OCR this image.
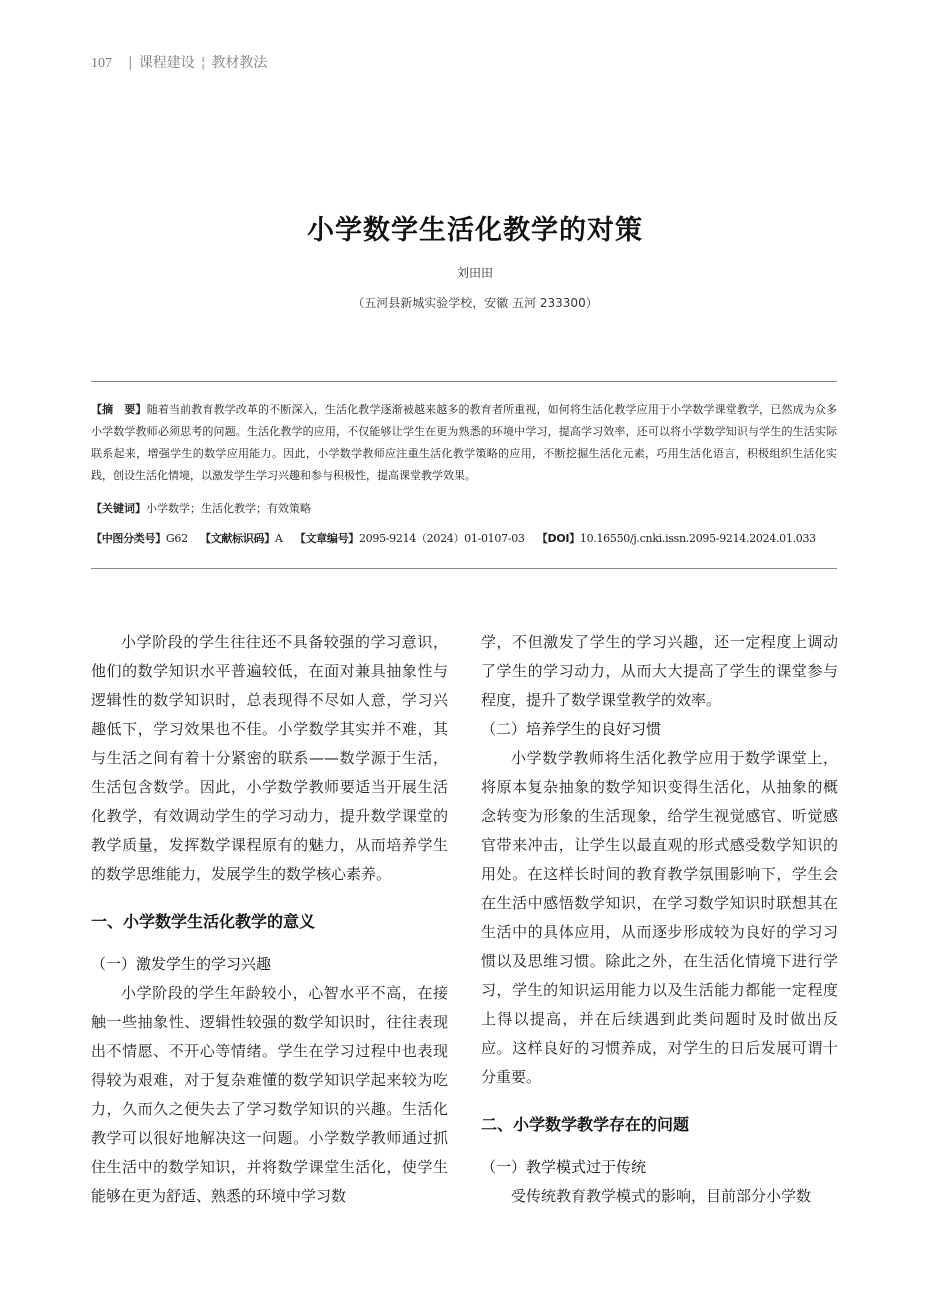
107 | 课程建设 ¦ 教材教法
小学数学生活化教学的对策
刘田田
（五河县新城实验学校，安徽 五河 233300）
【摘　要】随着当前教育教学改革的不断深入，生活化教学逐渐被越来越多的教育者所重视，如何将生活化教学应用于小学数学课堂教学，已然成为众多小学数学教师必须思考的问题。生活化教学的应用，不仅能够让学生在更为熟悉的环境中学习，提高学习效率，还可以将小学数学知识与学生的生活实际联系起来，增强学生的数学应用能力。因此，小学数学教师应注重生活化教学策略的应用，不断挖掘生活化元素，巧用生活化语言，积极组织生活化实践，创设生活化情境，以激发学生学习兴趣和参与积极性，提高课堂教学效果。
【关键词】小学数学；生活化教学；有效策略
【中图分类号】G62 【文献标识码】A 【文章编号】2095-9214（2024）01-0107-03 【DOI】10.16550/j.cnki.issn.2095-9214.2024.01.033

小学阶段的学生往往还不具备较强的学习意识，他们的数学知识水平普遍较低，在面对兼具抽象性与逻辑性的数学知识时，总表现得不尽如人意，学习兴趣低下，学习效果也不佳。小学数学其实并不难，其与生活之间有着十分紧密的联系——数学源于生活，生活包含数学。因此，小学数学教师要适当开展生活化教学，有效调动学生的学习动力，提升数学课堂的教学质量，发挥数学课程原有的魅力，从而培养学生的数学思维能力，发展学生的数学核心素养。

一、小学数学生活化教学的意义
（一）激发学生的学习兴趣

小学阶段的学生年龄较小，心智水平不高，在接触一些抽象性、逻辑性较强的数学知识时，往往表现出不情愿、不开心等情绪。学生在学习过程中也表现得较为艰难，对于复杂难懂的数学知识学起来较为吃力，久而久之便失去了学习数学知识的兴趣。生活化教学可以很好地解决这一问题。小学数学教师通过抓住生活中的数学知识，并将数学课堂生活化，使学生能够在更为舒适、熟悉的环境中学习数

学，不但激发了学生的学习兴趣，还一定程度上调动了学生的学习动力，从而大大提高了学生的课堂参与程度，提升了数学课堂教学的效率。

（二）培养学生的良好习惯

小学数学教师将生活化教学应用于数学课堂上，将原本复杂抽象的数学知识变得生活化，从抽象的概念转变为形象的生活现象，给学生视觉感官、听觉感官带来冲击，让学生以最直观的形式感受数学知识的用处。在这样长时间的教育教学氛围影响下，学生会在生活中感悟数学知识，在学习数学知识时联想其在生活中的具体应用，从而逐步形成较为良好的学习习惯以及思维习惯。除此之外，在生活化情境下进行学习，学生的知识运用能力以及生活能力都能一定程度上得以提高，并在后续遇到此类问题时及时做出反应。这样良好的习惯养成，对学生的日后发展可谓十分重要。

二、小学数学教学存在的问题
（一）教学模式过于传统

受传统教育教学模式的影响，目前部分小学数
